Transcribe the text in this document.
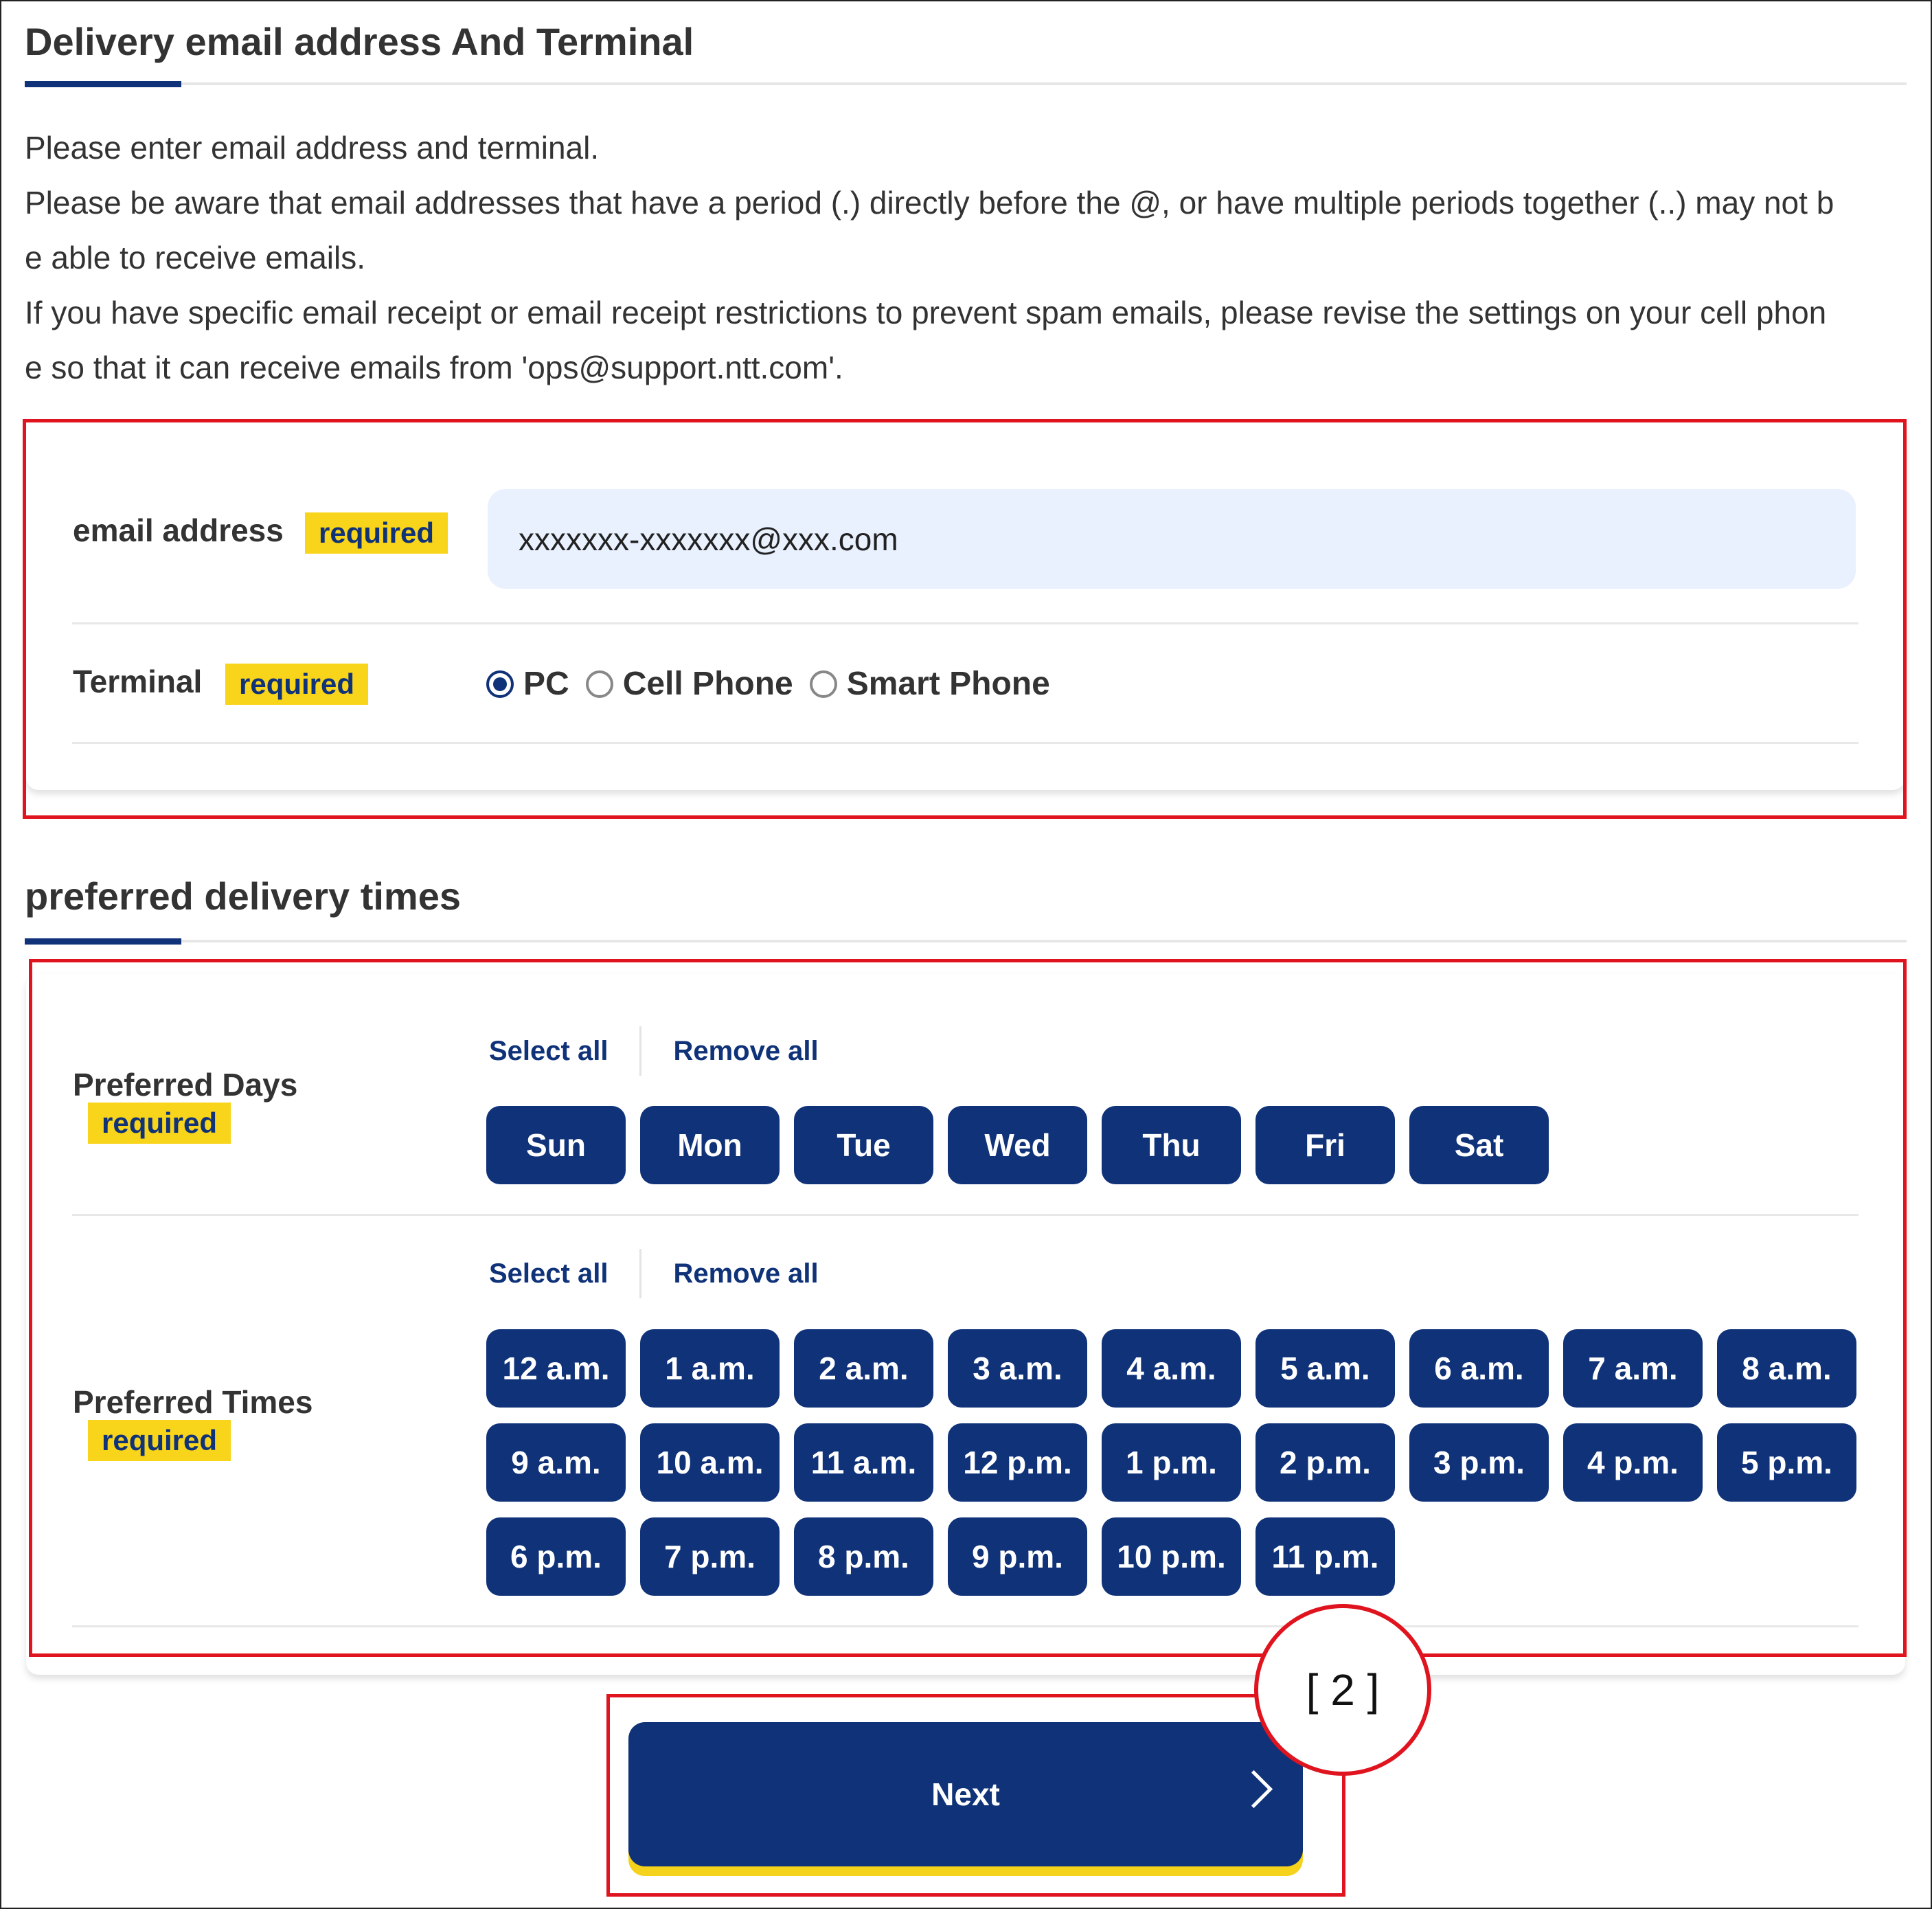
Delivery email address And Terminal

Please enter email address and terminal.

Please be aware that email addresses that have a period (.) directly before the @, or have multiple periods together (..) may not b

e able to receive emails.

If you have specific email receipt or email receipt restrictions to prevent spam emails, please revise the settings on your cell phon

e so that it can receive emails from 'ops@support.ntt.com'.

email address	required
xxxxxxx-xxxxxxx@xxx.com
Terminal	required	PC Cell Phone Smart Phone
preferred delivery times
Preferred Days
required
Select all Remove all
Sun	Mon	Tue	Wed	Thu	Fri	Sat
Preferred Times
required
Select all Remove all
12 a.m.	1 a.m.	2 a.m.	3 a.m.	4 a.m.	5 a.m.	6 a.m.	7 a.m.	8 a.m.
9 a.m.	10 a.m.	11 a.m.	12 p.m.	1 p.m.	2 p.m.	3 p.m.	4 p.m.	5 p.m.
6 p.m.	7 p.m.	8 p.m.	9 p.m.	10 p.m.	11 p.m.
Next
[ 2 ]
